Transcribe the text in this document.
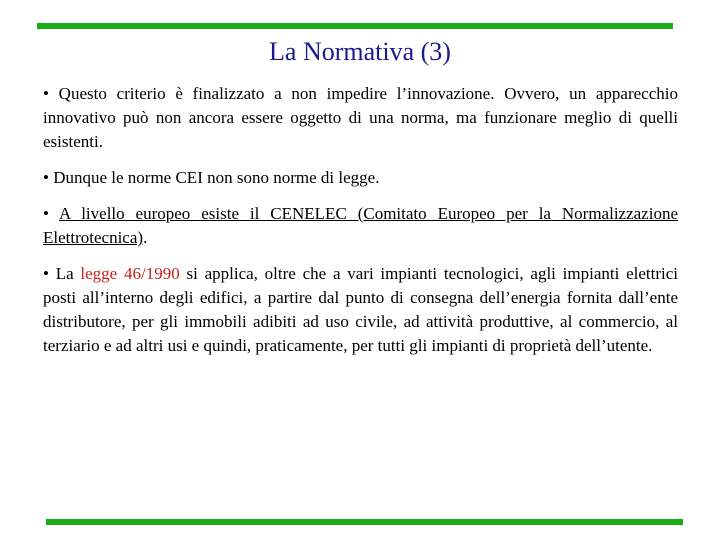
La Normativa (3)

• Questo criterio è finalizzato a non impedire l’innovazione. Ovvero, un apparecchio innovativo può non ancora essere oggetto di una norma, ma funzionare meglio di quelli esistenti.

• Dunque le norme CEI non sono norme di legge.

• A livello europeo esiste il CENELEC (Comitato Europeo per la Normalizzazione Elettrotecnica).

• La legge 46/1990 si applica, oltre che a vari impianti tecnologici, agli impianti elettrici posti all’interno degli edifici, a partire dal punto di consegna dell’energia fornita dall’ente distributore, per gli immobili adibiti ad uso civile, ad attività produttive, al commercio, al terziario e ad altri usi e quindi, praticamente, per tutti gli impianti di proprietà dell’utente.
